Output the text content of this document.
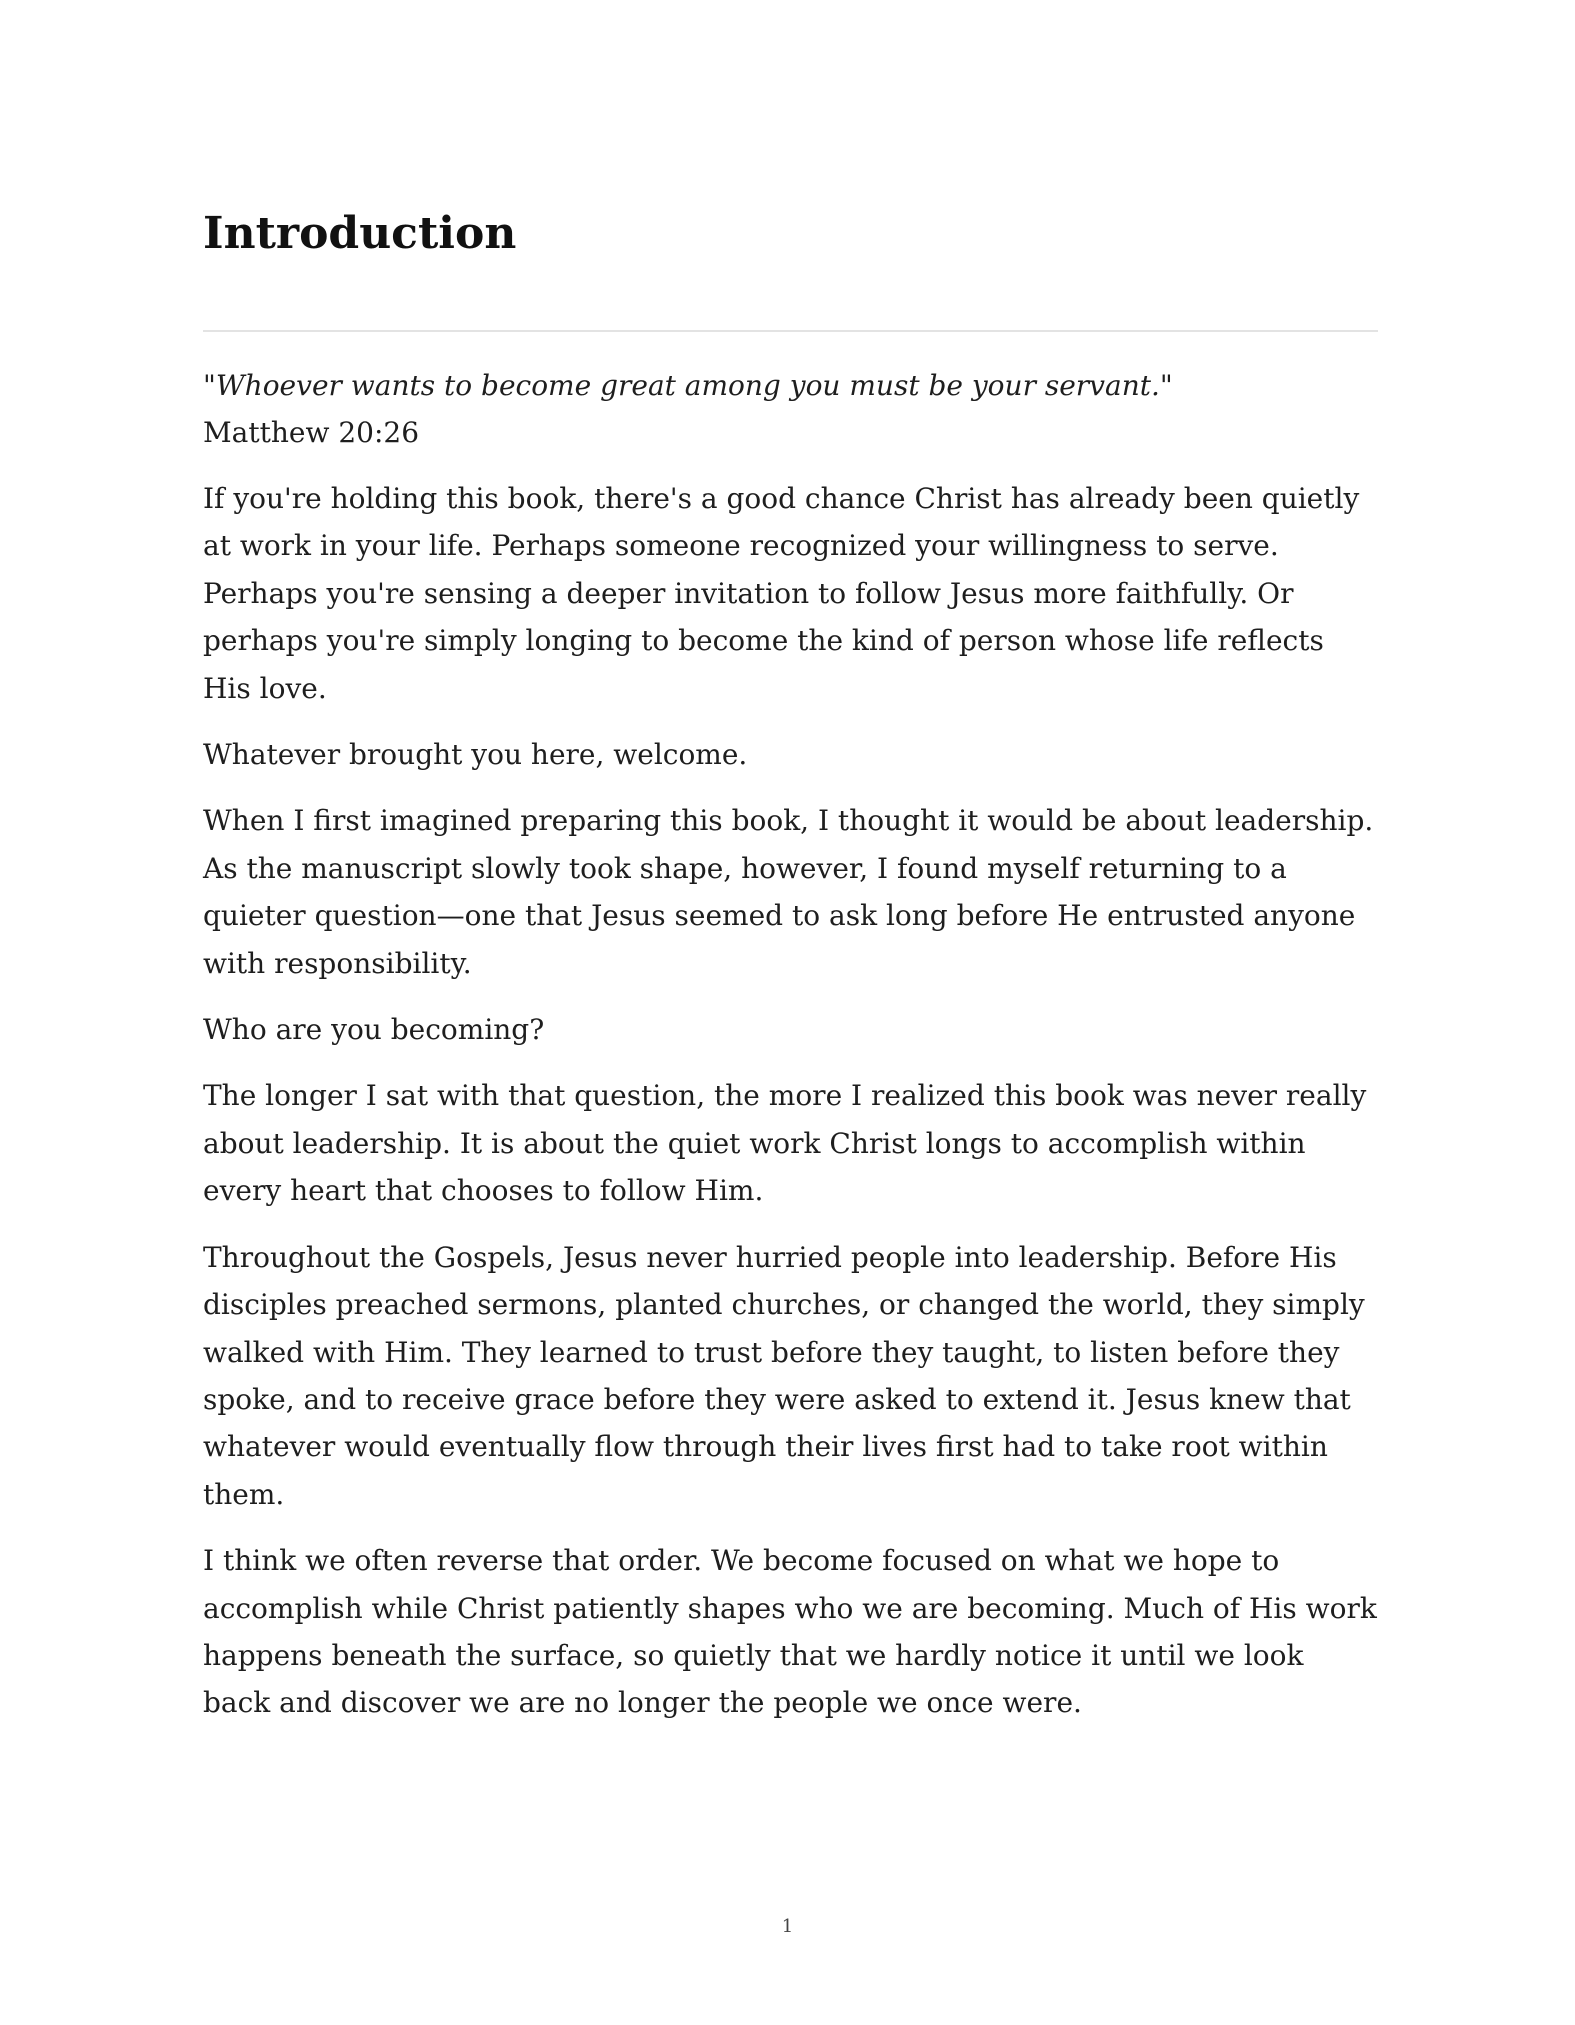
Introduction
"Whoever wants to become great among you must be your servant."
Matthew 20:26

If you're holding this book, there's a good chance Christ has already been quietly at work in your life. Perhaps someone recognized your willingness to serve. Perhaps you're sensing a deeper invitation to follow Jesus more faithfully. Or perhaps you're simply longing to become the kind of person whose life reflects His love.

Whatever brought you here, welcome.

When I first imagined preparing this book, I thought it would be about leadership. As the manuscript slowly took shape, however, I found myself returning to a quieter question—one that Jesus seemed to ask long before He entrusted anyone with responsibility.

Who are you becoming?

The longer I sat with that question, the more I realized this book was never really about leadership. It is about the quiet work Christ longs to accomplish within every heart that chooses to follow Him.

Throughout the Gospels, Jesus never hurried people into leadership. Before His disciples preached sermons, planted churches, or changed the world, they simply walked with Him. They learned to trust before they taught, to listen before they spoke, and to receive grace before they were asked to extend it. Jesus knew that whatever would eventually flow through their lives first had to take root within them.

I think we often reverse that order. We become focused on what we hope to accomplish while Christ patiently shapes who we are becoming. Much of His work happens beneath the surface, so quietly that we hardly notice it until we look back and discover we are no longer the people we once were.

1
